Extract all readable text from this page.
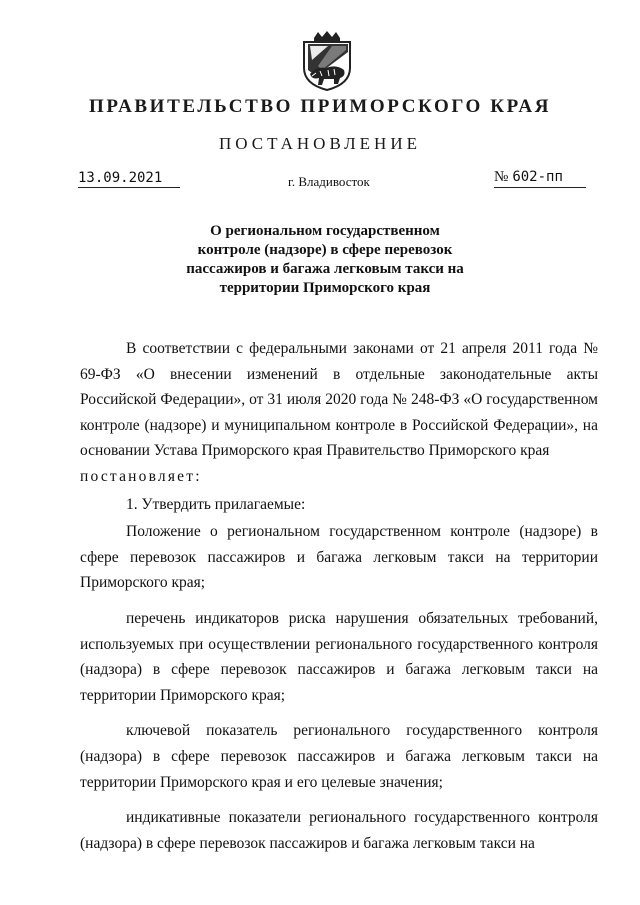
ПРАВИТЕЛЬСТВО ПРИМОРСКОГО КРАЯ
ПОСТАНОВЛЕНИЕ
13.09.2021	г. Владивосток	№ 602-пп
О региональном государственном контроле (надзоре) в сфере перевозок пассажиров и багажа легковым такси на территории Приморского края

В соответствии с федеральными законами от 21 апреля 2011 года № 69-ФЗ «О внесении изменений в отдельные законодательные акты Российской Федерации», от 31 июля 2020 года № 248-ФЗ «О государственном контроле (надзоре) и муниципальном контроле в Российской Федерации», на основании Устава Приморского края Правительство Приморского края

постановляет:

1. Утвердить прилагаемые:

Положение о региональном государственном контроле (надзоре) в сфере перевозок пассажиров и багажа легковым такси на территории Приморского края;

перечень индикаторов риска нарушения обязательных требований, используемых при осуществлении регионального государственного контроля (надзора) в сфере перевозок пассажиров и багажа легковым такси на территории Приморского края;

ключевой показатель регионального государственного контроля (надзора) в сфере перевозок пассажиров и багажа легковым такси на территории Приморского края и его целевые значения;

индикативные показатели регионального государственного контроля (надзора) в сфере перевозок пассажиров и багажа легковым такси на
